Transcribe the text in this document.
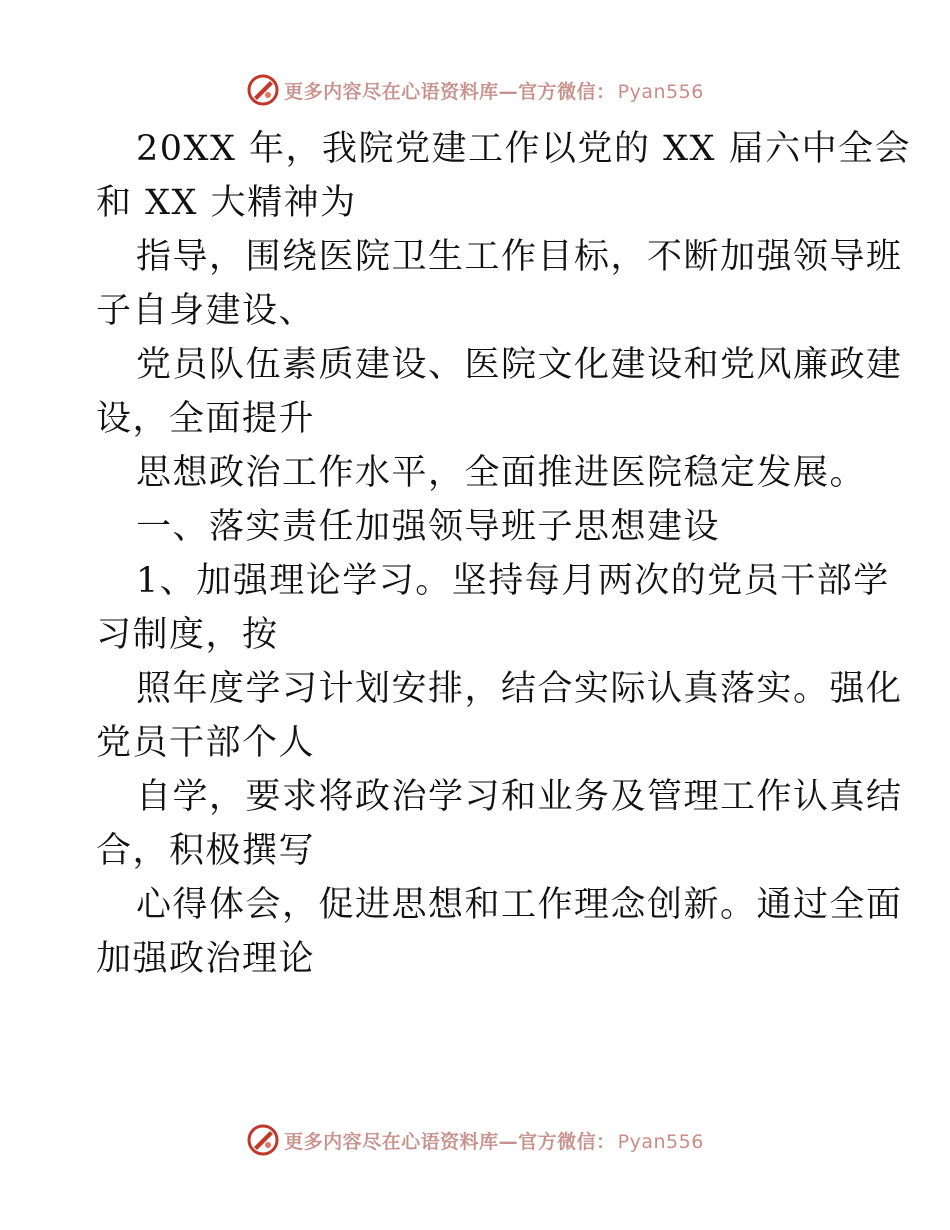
更多内容尽在心语资料库—官方微信： Pyan556
20XX 年，我院党建工作以党的 XX 届六中全会
和 XX 大精神为
指导，围绕医院卫生工作目标，不断加强领导班
子自身建设、
党员队伍素质建设、医院文化建设和党风廉政建
设，全面提升
思想政治工作水平，全面推进医院稳定发展。
一、落实责任加强领导班子思想建设
1、加强理论学习。坚持每月两次的党员干部学
习制度，按
照年度学习计划安排，结合实际认真落实。强化
党员干部个人
自学，要求将政治学习和业务及管理工作认真结
合，积极撰写
心得体会，促进思想和工作理念创新。通过全面
加强政治理论
更多内容尽在心语资料库—官方微信： Pyan556
